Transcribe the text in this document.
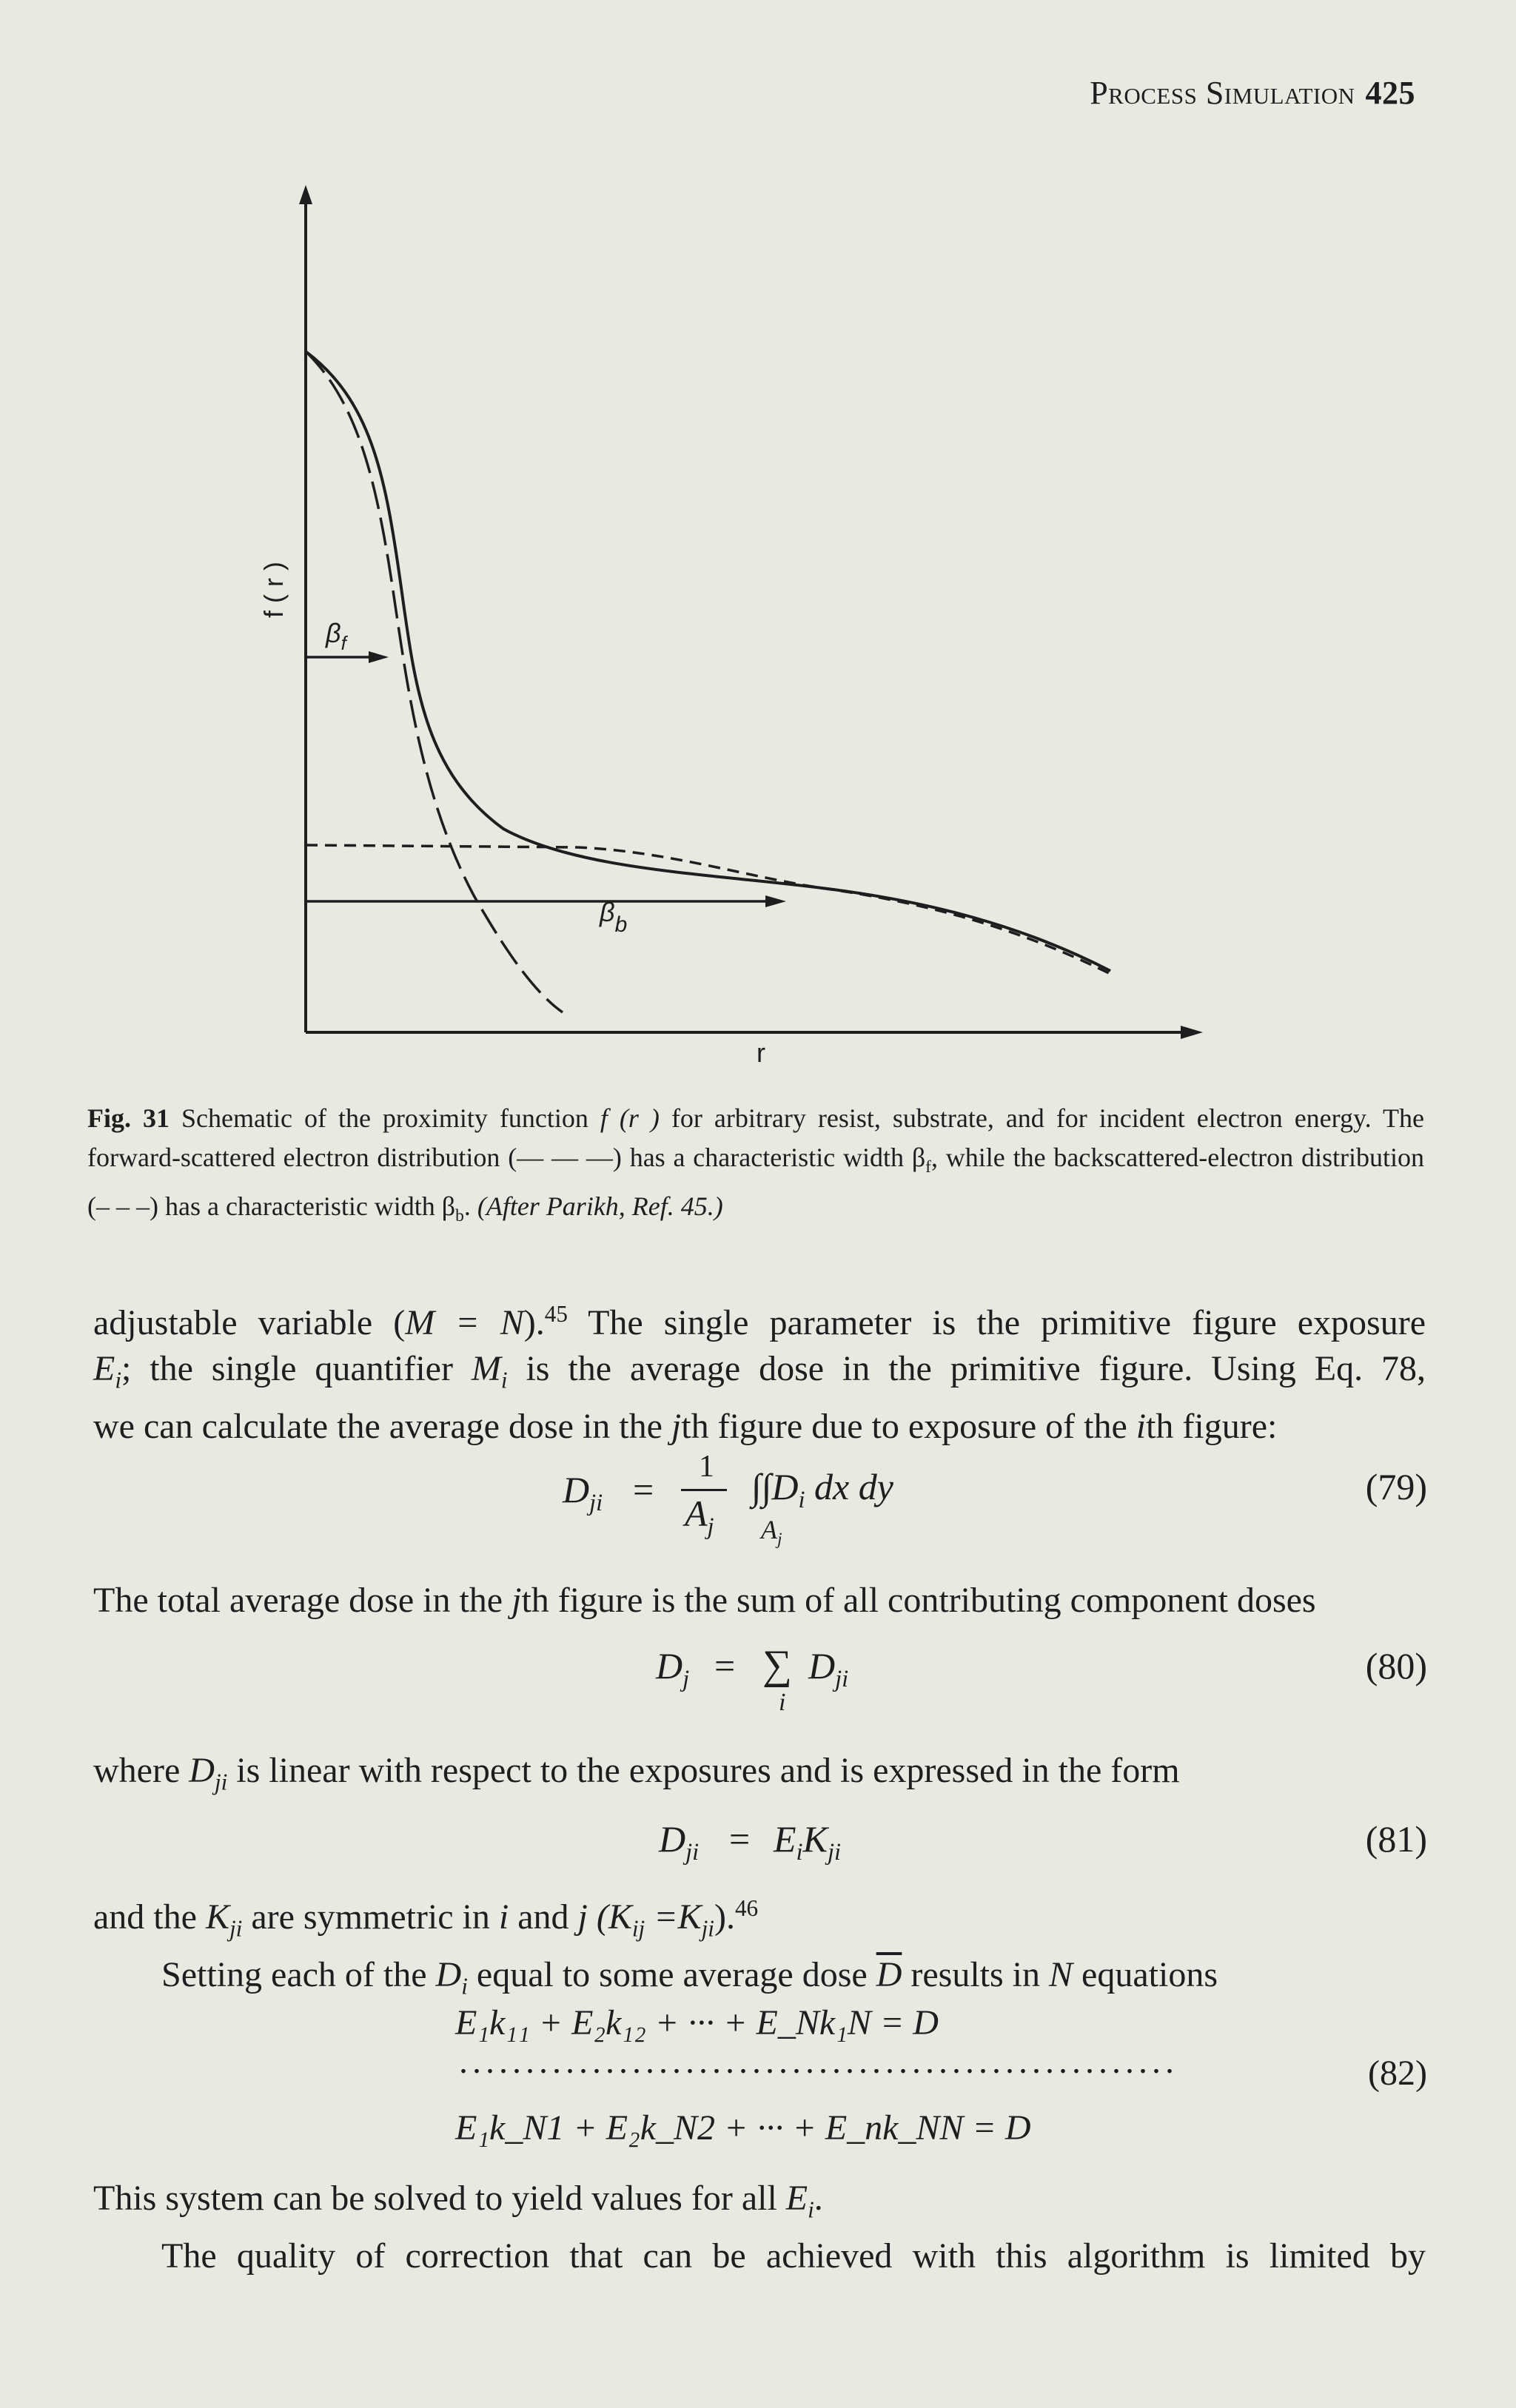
Process Simulation 425
$\beta_f$
$\beta_b$
f ( r )
r
Fig. 31 Schematic of the proximity function f (r ) for arbitrary resist, substrate, and for incident electron energy. The forward-scattered electron distribution (— — —) has a characteristic width $\beta_f$, while the backscattered-electron distribution (– – –) has a characteristic width $\beta_b$. (After Parikh, Ref. 45.)
adjustable variable (M = N).$^{45}$ The single parameter is the primitive figure exposure
$E_i$; the single quantifier $M_i$ is the average dose in the primitive figure. Using Eq. 78,
we can calculate the average dose in the jth figure due to exposure of the ith figure:
$D_{ji}$ =
1
$A_j$
$\int\int D_i$ dx dy
$A_j$
(79)
The total average dose in the jth figure is the sum of all contributing component doses
$D_j$ = ∑
i
$D_{ji}$	(80)
where $D_{ji}$ is linear with respect to the exposures and is expressed in the form
$D_{ji} = E_iK_{ji}$	(81)
and the $K_{ji}$ are symmetric in i and j $(K_{ij} =K_{ji}).^{46}$
Setting each of the $D_i$ equal to some average dose $\overline{D}$ results in N equations
E₁k₁₁ + E₂k₁₂ + ··· + E_Nk₁N = D
......................................................
E₁k_N1 + E₂k_N2 + ··· + E_nk_NN = D
(82)
This system can be solved to yield values for all $E_i$.
The quality of correction that can be achieved with this algorithm is limited by
